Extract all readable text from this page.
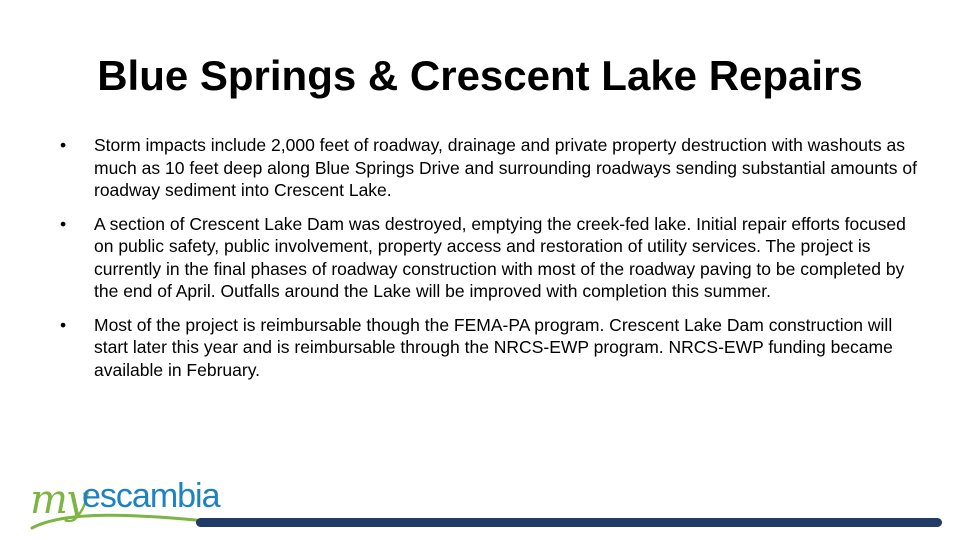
Blue Springs & Crescent Lake Repairs
•	Storm impacts include 2,000 feet of roadway, drainage and private property destruction with washouts as much as 10 feet deep along Blue Springs Drive and surrounding roadways sending substantial amounts of roadway sediment into Crescent Lake.
•	A section of Crescent Lake Dam was destroyed, emptying the creek-fed lake. Initial repair efforts focused on public safety, public involvement, property access and restoration of utility services. The project is currently in the final phases of roadway construction with most of the roadway paving to be completed by the end of April. Outfalls around the Lake will be improved with completion this summer.
•	Most of the project is reimbursable though the FEMA-PA program. Crescent Lake Dam construction will start later this year and is reimbursable through the NRCS-EWP program. NRCS-EWP funding became available in February.
my
escambia
